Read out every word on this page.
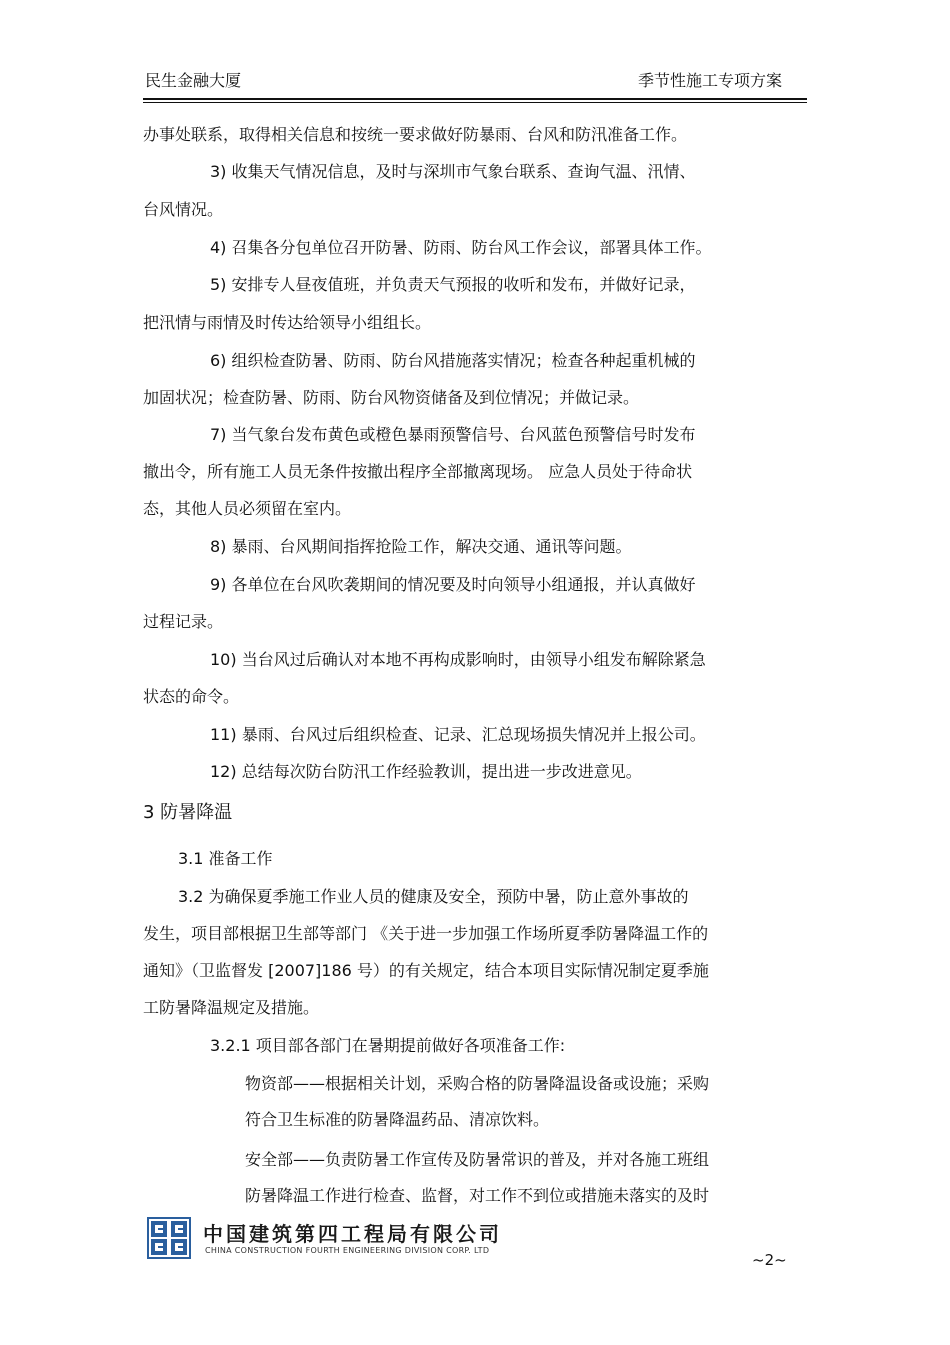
民生金融大厦	季节性施工专项方案
办事处联系，取得相关信息和按统一要求做好防暴雨、台风和防汛准备工作。
3) 收集天气情况信息，及时与深圳市气象台联系、查询气温、汛情、
台风情况。
4) 召集各分包单位召开防暑、防雨、防台风工作会议，部署具体工作。
5) 安排专人昼夜值班，并负责天气预报的收听和发布，并做好记录，
把汛情与雨情及时传达给领导小组组长。
6) 组织检查防暑、防雨、防台风措施落实情况；检查各种起重机械的
加固状况；检查防暑、防雨、防台风物资储备及到位情况；并做记录。
7) 当气象台发布黄色或橙色暴雨预警信号、台风蓝色预警信号时发布
撤出令，所有施工人员无条件按撤出程序全部撤离现场。 应急人员处于待命状
态，其他人员必须留在室内。
8) 暴雨、台风期间指挥抢险工作，解决交通、通讯等问题。
9) 各单位在台风吹袭期间的情况要及时向领导小组通报，并认真做好
过程记录。
10) 当台风过后确认对本地不再构成影响时，由领导小组发布解除紧急
状态的命令。
11) 暴雨、台风过后组织检查、记录、汇总现场损失情况并上报公司。
12) 总结每次防台防汛工作经验教训，提出进一步改进意见。
3 防暑降温
3.1 准备工作
3.2 为确保夏季施工作业人员的健康及安全，预防中暑，防止意外事故的
发生，项目部根据卫生部等部门 《关于进一步加强工作场所夏季防暑降温工作的
通知》（卫监督发 [2007]186 号）的有关规定，结合本项目实际情况制定夏季施
工防暑降温规定及措施。
3.2.1 项目部各部门在暑期提前做好各项准备工作:
物资部——根据相关计划，采购合格的防暑降温设备或设施；采购
符合卫生标准的防暑降温药品、清凉饮料。
安全部——负责防暑工作宣传及防暑常识的普及，并对各施工班组
防暑降温工作进行检查、监督，对工作不到位或措施未落实的及时
中国建筑第四工程局有限公司
CHINA CONSTRUCTION FOURTH ENGINEERING DIVISION CORP. LTD
~2~
